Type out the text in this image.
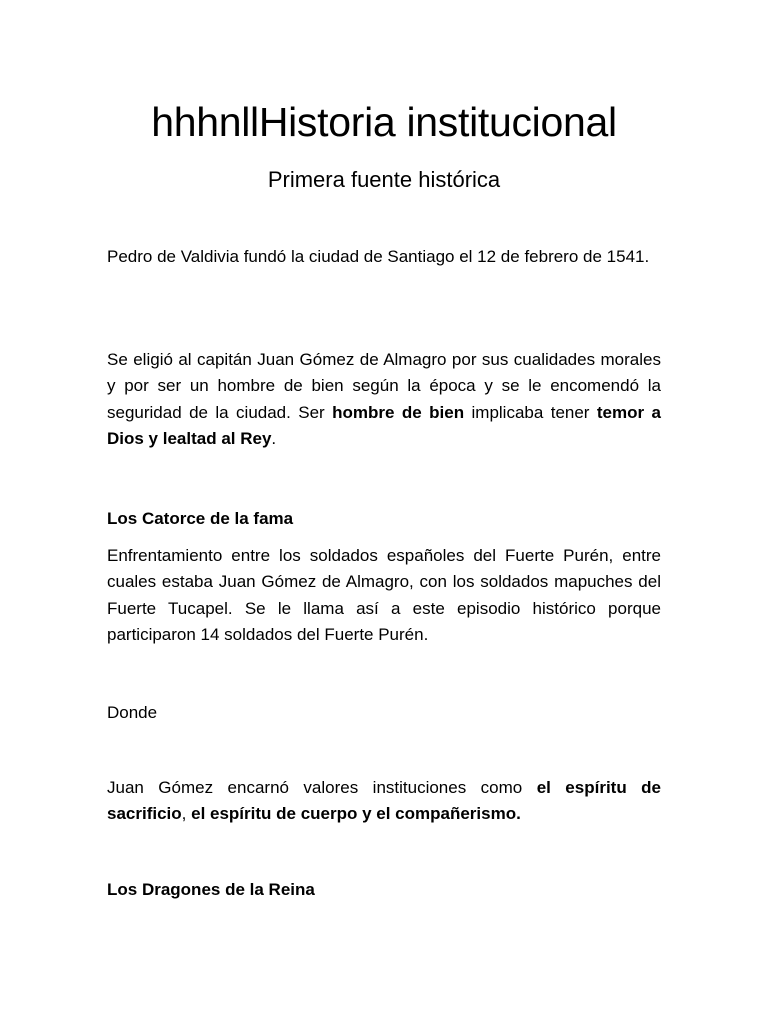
hhhnllHistoria institucional
Primera fuente histórica

Pedro de Valdivia fundó la ciudad de Santiago el 12 de febrero de 1541.

Se eligió al capitán Juan Gómez de Almagro por sus cualidades morales y por ser un hombre de bien según la época y se le encomendó la seguridad de la ciudad. Ser hombre de bien implicaba tener temor a Dios y lealtad al Rey.

Los Catorce de la fama

Enfrentamiento entre los soldados españoles del Fuerte Purén, entre cuales estaba Juan Gómez de Almagro, con los soldados mapuches del Fuerte Tucapel. Se le llama así a este episodio histórico porque participaron 14 soldados del Fuerte Purén.

Donde

Juan Gómez encarnó valores instituciones como el espíritu de sacrificio, el espíritu de cuerpo y el compañerismo.

Los Dragones de la Reina
